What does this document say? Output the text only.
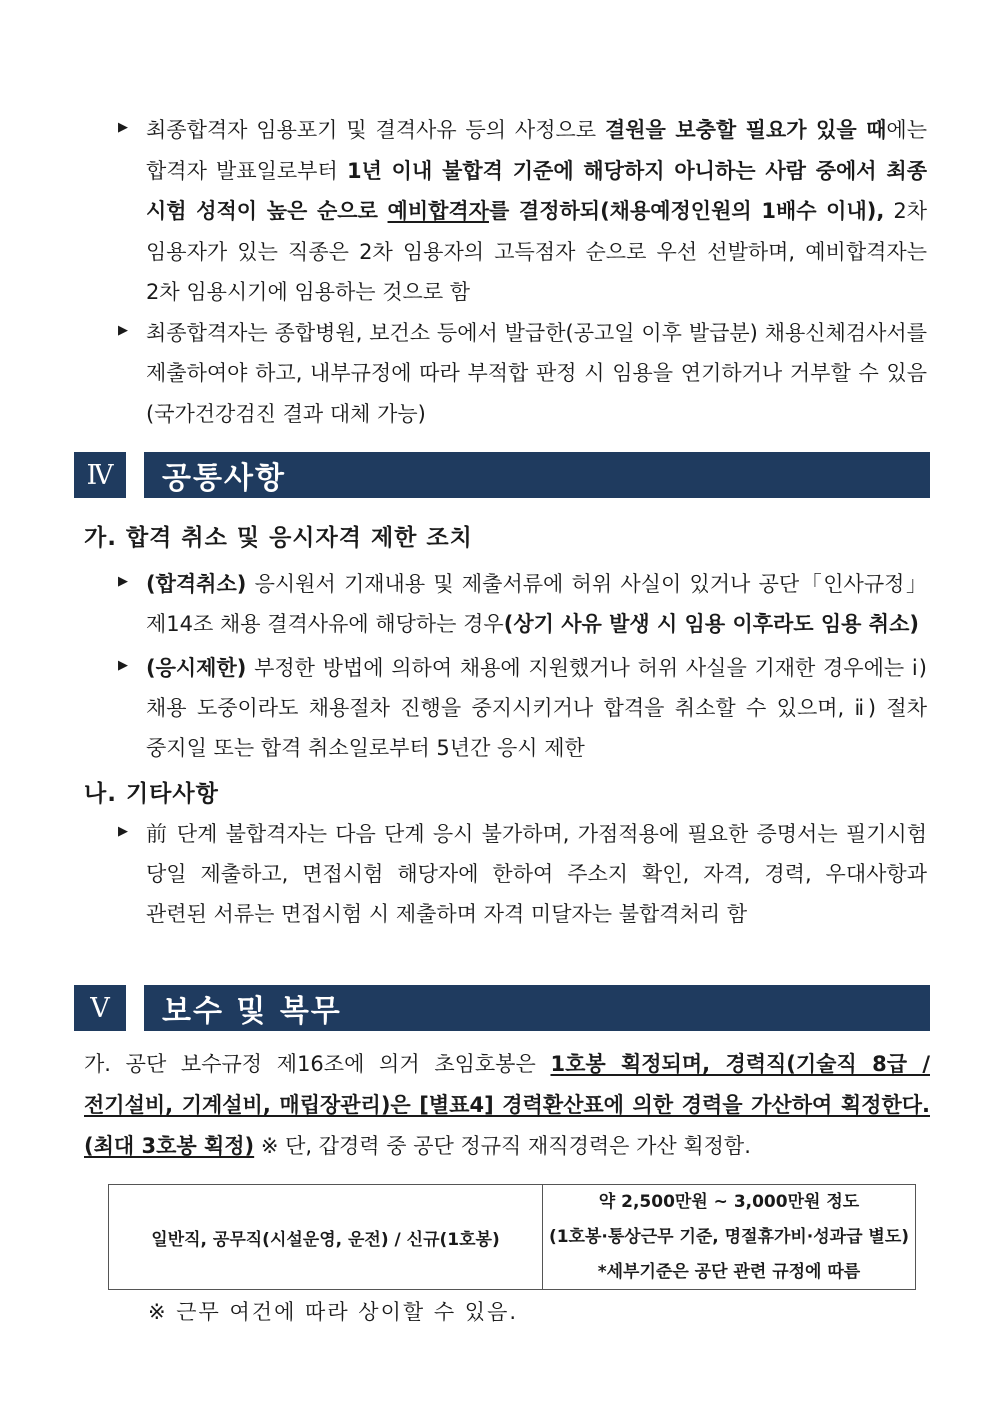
▶ 최종합격자 임용포기 및 결격사유 등의 사정으로 결원을 보충할 필요가 있을 때에는 합격자 발표일로부터 1년 이내 불합격 기준에 해당하지 아니하는 사람 중에서 최종 시험 성적이 높은 순으로 예비합격자를 결정하되(채용예정인원의 1배수 이내), 2차 임용자가 있는 직종은 2차 임용자의 고득점자 순으로 우선 선발하며, 예비합격자는 2차 임용시기에 임용하는 것으로 함
▶ 최종합격자는 종합병원, 보건소 등에서 발급한(공고일 이후 발급분) 채용신체검사서를 제출하여야 하고, 내부규정에 따라 부적합 판정 시 임용을 연기하거나 거부할 수 있음(국가건강검진 결과 대체 가능)
Ⅳ	공통사항
가. 합격 취소 및 응시자격 제한 조치
▶ (합격취소) 응시원서 기재내용 및 제출서류에 허위 사실이 있거나 공단「인사규정」 제14조 채용 결격사유에 해당하는 경우(상기 사유 발생 시 임용 이후라도 임용 취소)
▶ (응시제한) 부정한 방법에 의하여 채용에 지원했거나 허위 사실을 기재한 경우에는 ⅰ) 채용 도중이라도 채용절차 진행을 중지시키거나 합격을 취소할 수 있으며, ⅱ) 절차 중지일 또는 합격 취소일로부터 5년간 응시 제한
나. 기타사항
▶ 前 단계 불합격자는 다음 단계 응시 불가하며, 가점적용에 필요한 증명서는 필기시험 당일 제출하고, 면접시험 해당자에 한하여 주소지 확인, 자격, 경력, 우대사항과 관련된 서류는 면접시험 시 제출하며 자격 미달자는 불합격처리 함
Ⅴ	보수 및 복무
가. 공단 보수규정 제16조에 의거 초임호봉은 1호봉 획정되며, 경력직(기술직 8급 / 전기설비, 기계설비, 매립장관리)은 [별표4] 경력환산표에 의한 경력을 가산하여 획정한다. (최대 3호봉 획정) ※ 단, 갑경력 중 공단 정규직 재직경력은 가산 획정함.
일반직, 공무직(시설운영, 운전) / 신규(1호봉)
약 2,500만원 ~ 3,000만원 정도
(1호봉·통상근무 기준, 명절휴가비·성과급 별도)
*세부기준은 공단 관련 규정에 따름
※ 근무 여건에 따라 상이할 수 있음.
